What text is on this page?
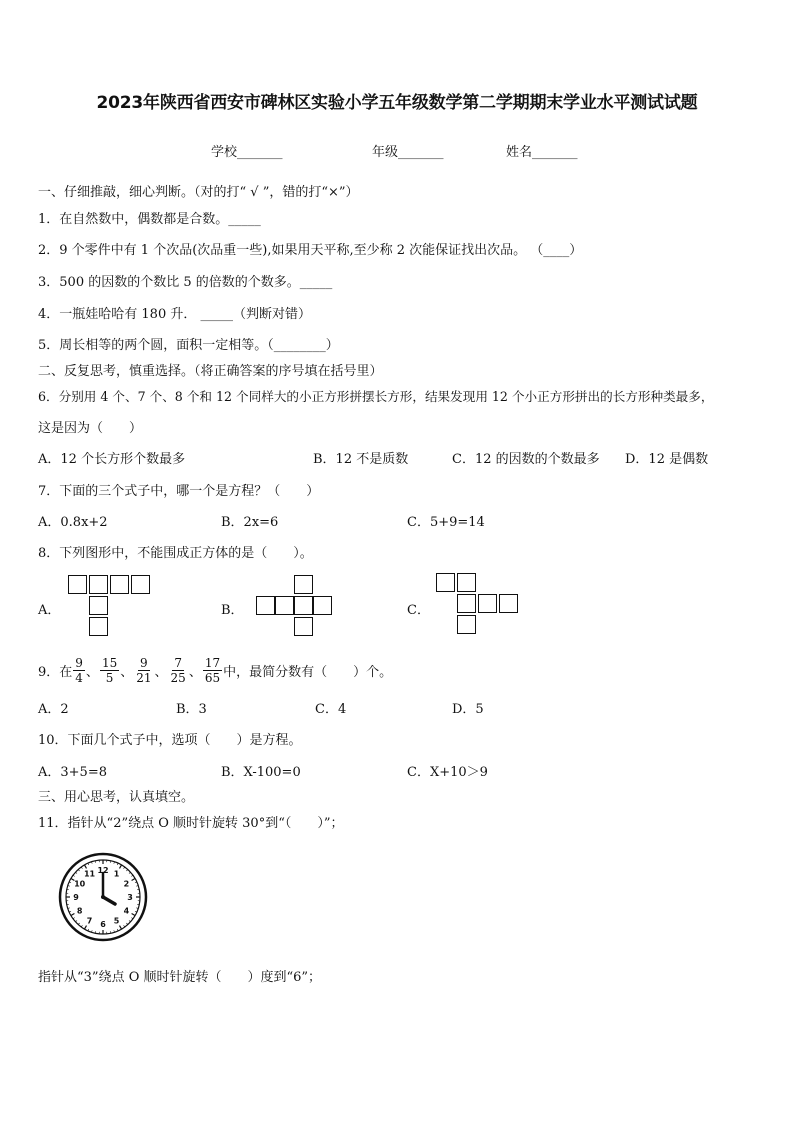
2023年陕西省西安市碑林区实验小学五年级数学第二学期期末学业水平测试试题
学校_______	年级_______	姓名_______
一、仔细推敲，细心判断。（对的打“ √ ”，错的打“×”）
1．在自然数中，偶数都是合数。_____
2．9 个零件中有 1 个次品(次品重一些),如果用天平称,至少称 2 次能保证找出次品。 （____）
3．500 的因数的个数比 5 的倍数的个数多。_____
4．一瓶娃哈哈有 180 升． _____（判断对错）
5．周长相等的两个圆，面积一定相等。（________）
二、反复思考，慎重选择。（将正确答案的序号填在括号里）
6．分别用 4 个、7 个、8 个和 12 个同样大的小正方形拼摆长方形，结果发现用 12 个小正方形拼出的长方形种类最多，
这是因为（　　）
A．12 个长方形个数最多	B．12 不是质数	C．12 的因数的个数最多 D．12 是偶数
7．下面的三个式子中，哪一个是方程？（　　）
A．0.8x+2	B．2x=6	C．5+9=14
8．下列图形中，不能围成正方体的是（　　）。
A．	B．	C．
9．在 $\frac{9}{4}$ 、 $\frac{15}{5}$ 、 $\frac{9}{21}$ 、 $\frac{7}{25}$ 、 $\frac{17}{65}$ 中，最简分数有（　　）个。
A．2	B．3	C．4	D．5
10．下面几个式子中，选项（　　）是方程。
A．3+5=8	B．X-100=0	C．X+10＞9
三、用心思考，认真填空。
11．指针从“2”绕点 O 顺时针旋转 30°到“（　　）”；
12 1
2
3
4
5
6
7
8
9
10
11
指针从“3”绕点 O 顺时针旋转（　　）度到“6”；
